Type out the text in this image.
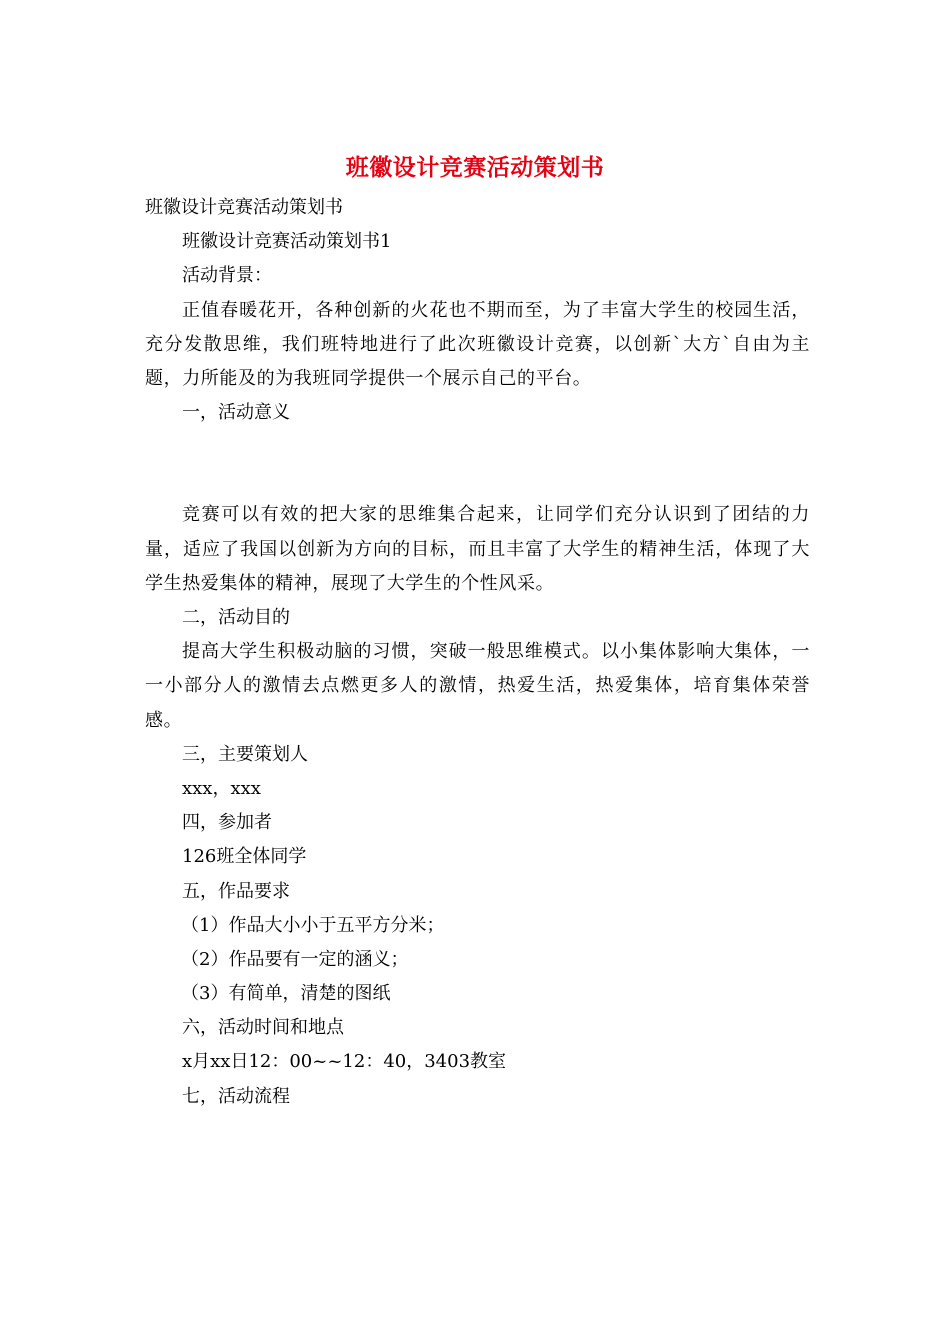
班徽设计竞赛活动策划书

班徽设计竞赛活动策划书

班徽设计竞赛活动策划书1

活动背景：

正值春暖花开，各种创新的火花也不期而至，为了丰富大学生的校园生活，充分发散思维，我们班特地进行了此次班徽设计竞赛，以创新`大方`自由为主题，力所能及的为我班同学提供一个展示自己的平台。

一，活动意义

竞赛可以有效的把大家的思维集合起来，让同学们充分认识到了团结的力量，适应了我国以创新为方向的目标，而且丰富了大学生的精神生活，体现了大学生热爱集体的精神，展现了大学生的个性风采。

二，活动目的

提高大学生积极动脑的习惯，突破一般思维模式。以小集体影响大集体，一一小部分人的激情去点燃更多人的激情，热爱生活，热爱集体，培育集体荣誉感。

三，主要策划人

xxx，xxx

四，参加者

126班全体同学

五，作品要求

（1）作品大小小于五平方分米；

（2）作品要有一定的涵义；

（3）有简单，清楚的图纸

六，活动时间和地点

x月xx日12：00~~12：40，3403教室

七，活动流程
